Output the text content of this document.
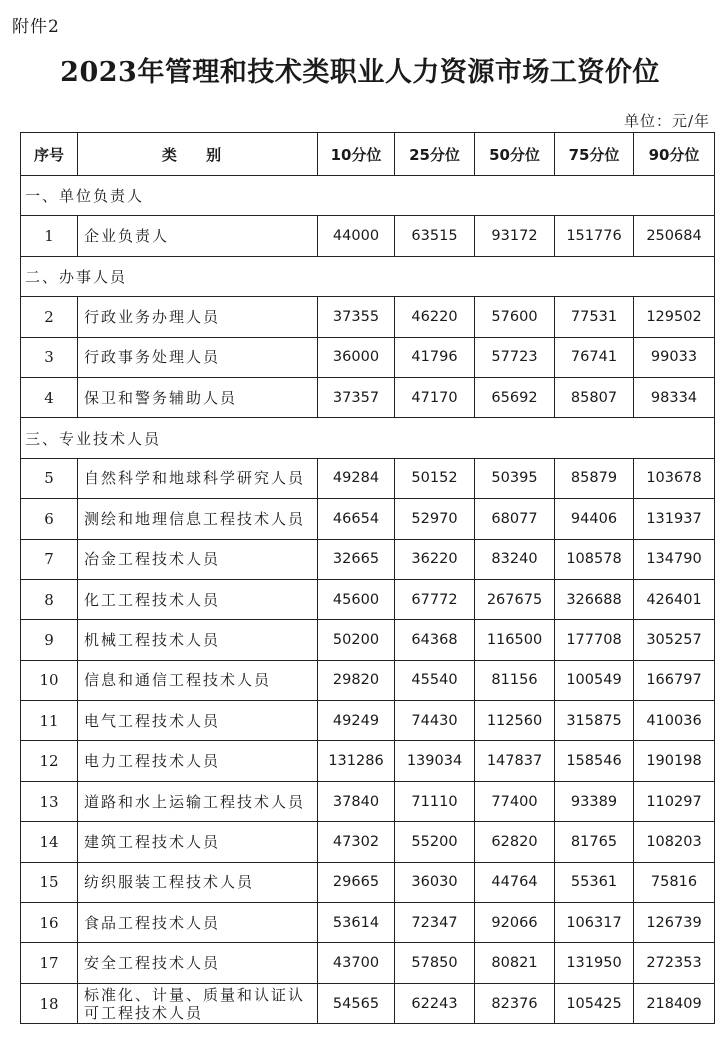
附件2
2023年管理和技术类职业人力资源市场工资价位
单位：元/年
序号	类 别	10分位	25分位	50分位	75分位	90分位
一、单位负责人						
1	企业负责人	44000	63515	93172	151776	250684
二、办事人员						
2	行政业务办理人员	37355	46220	57600	77531	129502
3	行政事务处理人员	36000	41796	57723	76741	99033
4	保卫和警务辅助人员	37357	47170	65692	85807	98334
三、专业技术人员						
5	自然科学和地球科学研究人员	49284	50152	50395	85879	103678
6	测绘和地理信息工程技术人员	46654	52970	68077	94406	131937
7	冶金工程技术人员	32665	36220	83240	108578	134790
8	化工工程技术人员	45600	67772	267675	326688	426401
9	机械工程技术人员	50200	64368	116500	177708	305257
10	信息和通信工程技术人员	29820	45540	81156	100549	166797
11	电气工程技术人员	49249	74430	112560	315875	410036
12	电力工程技术人员	131286	139034	147837	158546	190198
13	道路和水上运输工程技术人员	37840	71110	77400	93389	110297
14	建筑工程技术人员	47302	55200	62820	81765	108203
15	纺织服装工程技术人员	29665	36030	44764	55361	75816
16	食品工程技术人员	53614	72347	92066	106317	126739
17	安全工程技术人员	43700	57850	80821	131950	272353
18	标准化、计量、质量和认证认可工程技术人员	54565	62243	82376	105425	218409
